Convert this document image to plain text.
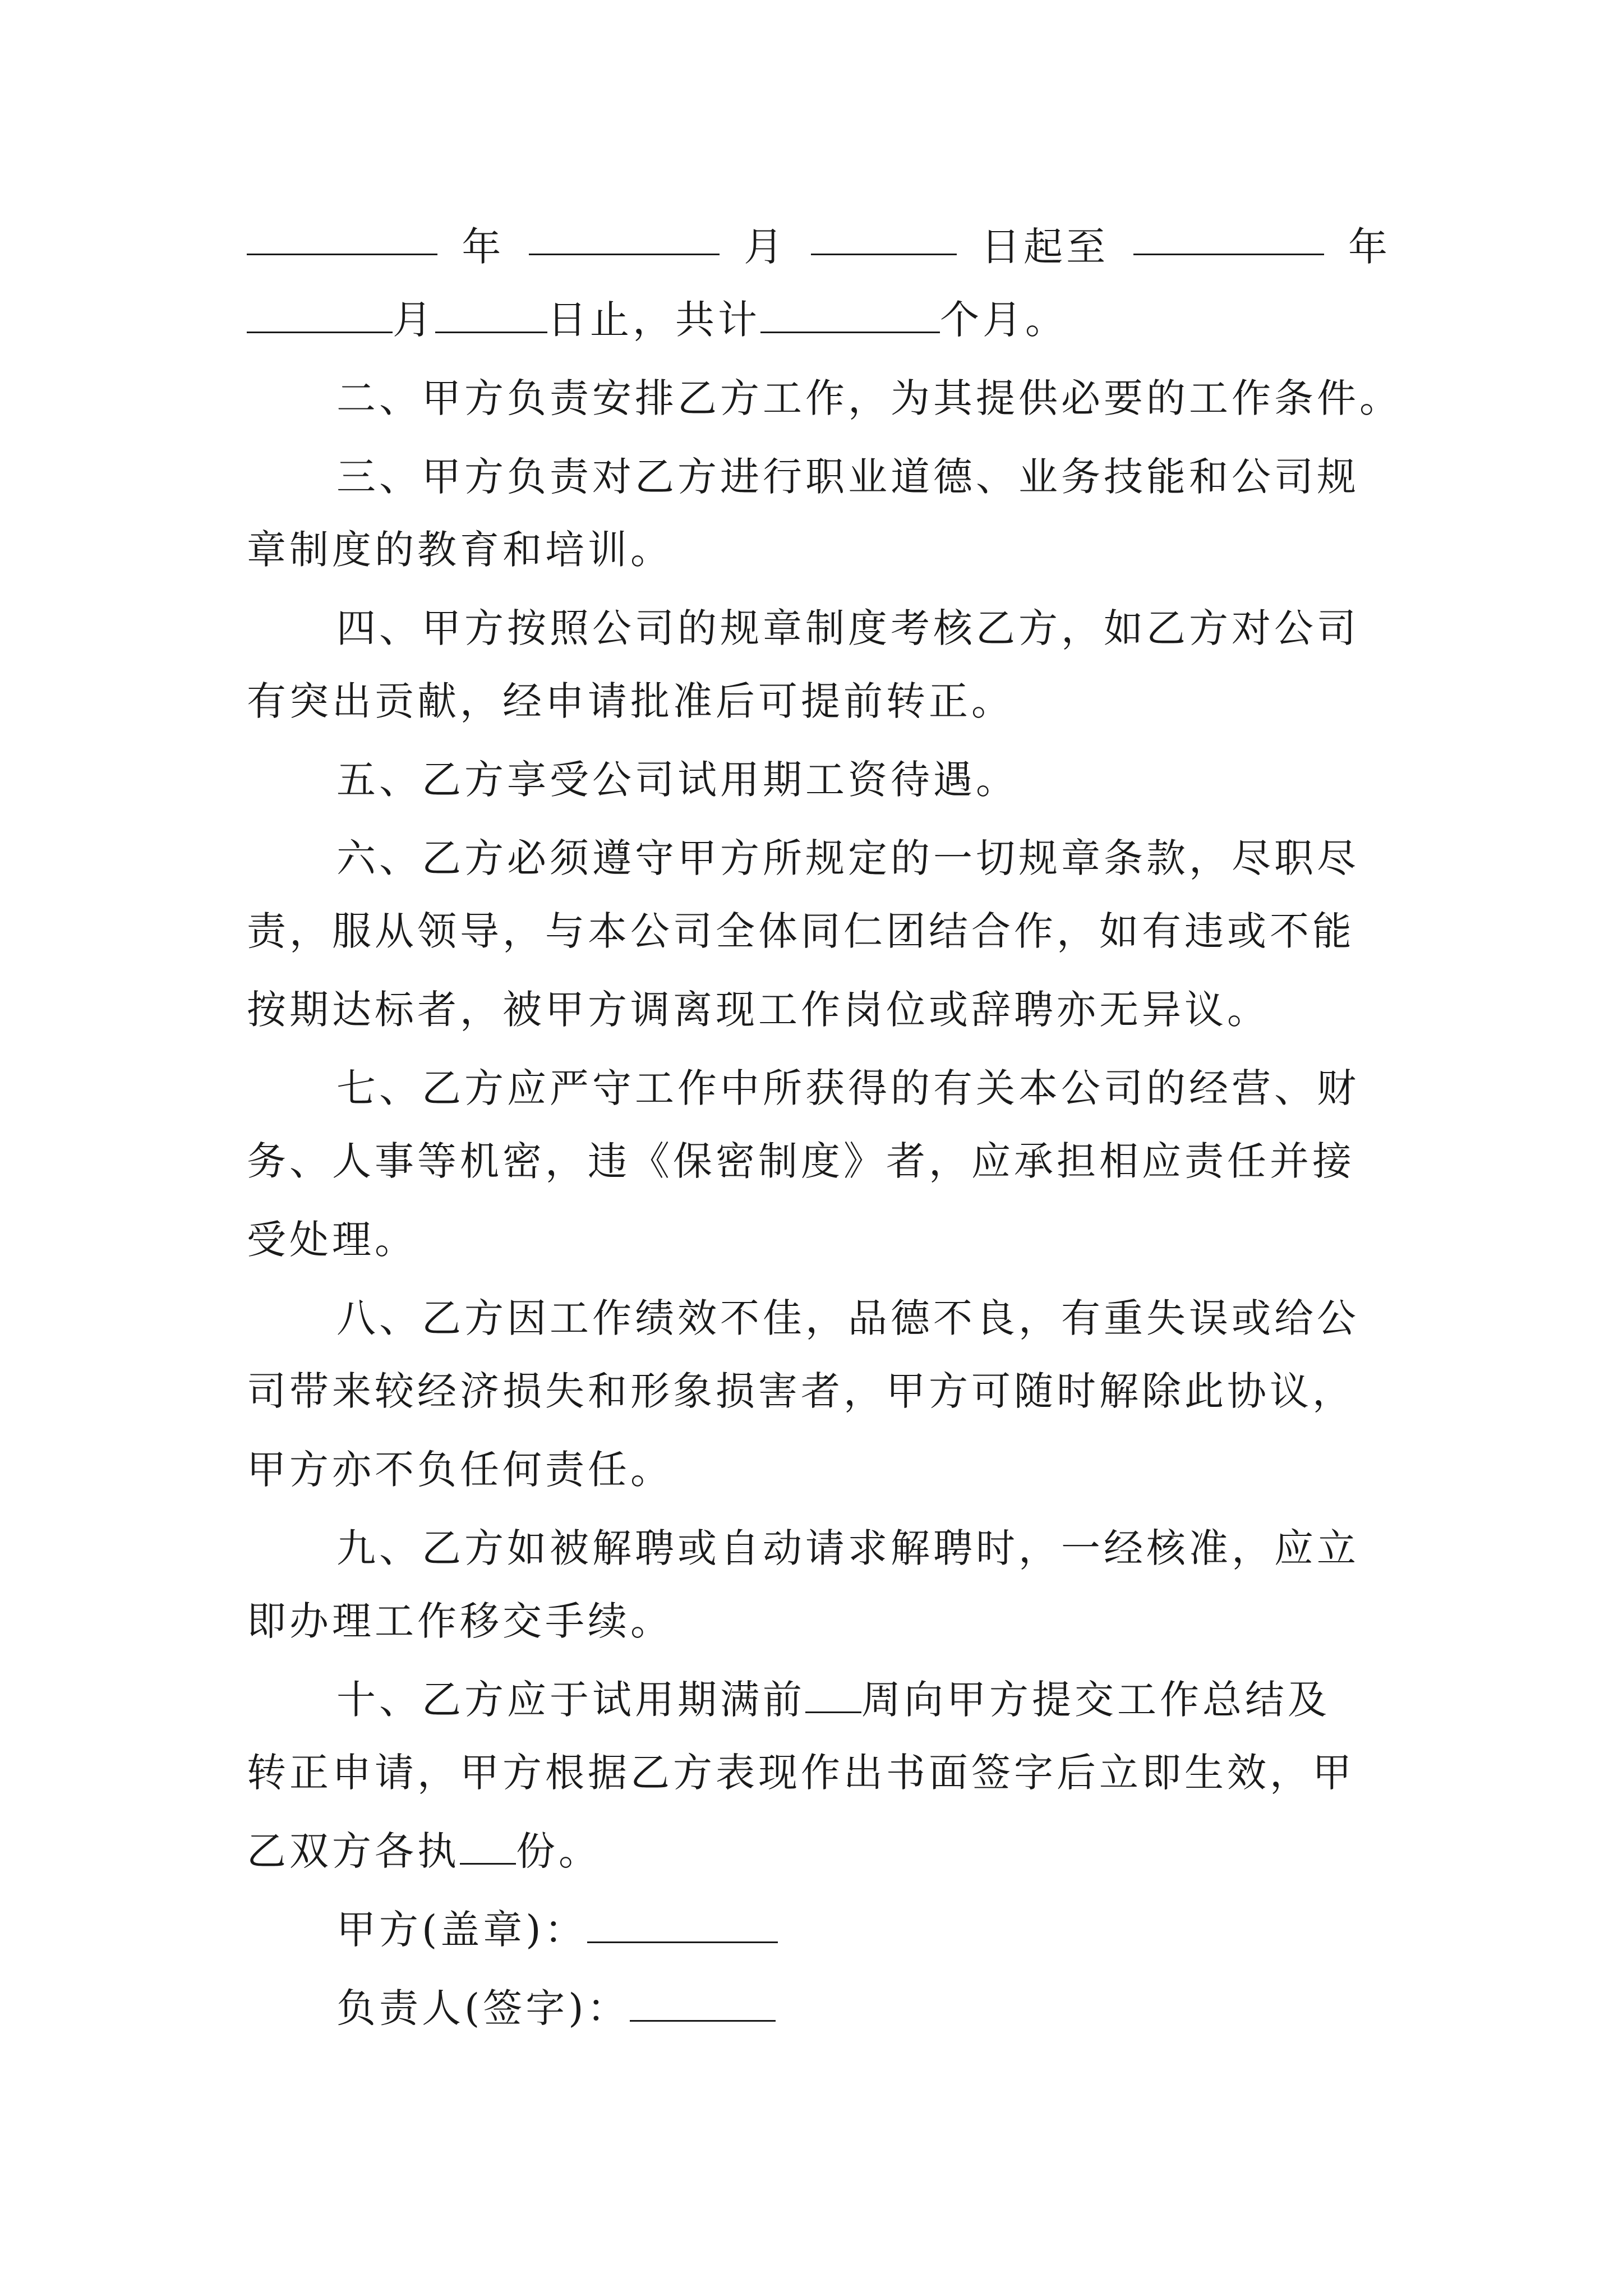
年	月	日起至	年
月	日止，共计	个月。
二、甲方负责安排乙方工作，为其提供必要的工作条件。
三、甲方负责对乙方进行职业道德、业务技能和公司规
章制度的教育和培训。
四、甲方按照公司的规章制度考核乙方，如乙方对公司
有突出贡献，经申请批准后可提前转正。
五、乙方享受公司试用期工资待遇。
六、乙方必须遵守甲方所规定的一切规章条款，尽职尽
责，服从领导，与本公司全体同仁团结合作，如有违或不能
按期达标者，被甲方调离现工作岗位或辞聘亦无异议。
七、乙方应严守工作中所获得的有关本公司的经营、财
务、人事等机密，违《保密制度》者，应承担相应责任并接
受处理。
八、乙方因工作绩效不佳，品德不良，有重失误或给公
司带来较经济损失和形象损害者，甲方可随时解除此协议，
甲方亦不负任何责任。
九、乙方如被解聘或自动请求解聘时，一经核准，应立
即办理工作移交手续。
十、乙方应于试用期满前 周向甲方提交工作总结及
转正申请，甲方根据乙方表现作出书面签字后立即生效，甲
乙双方各执 份。
甲方(盖章)：
负责人(签字)：
